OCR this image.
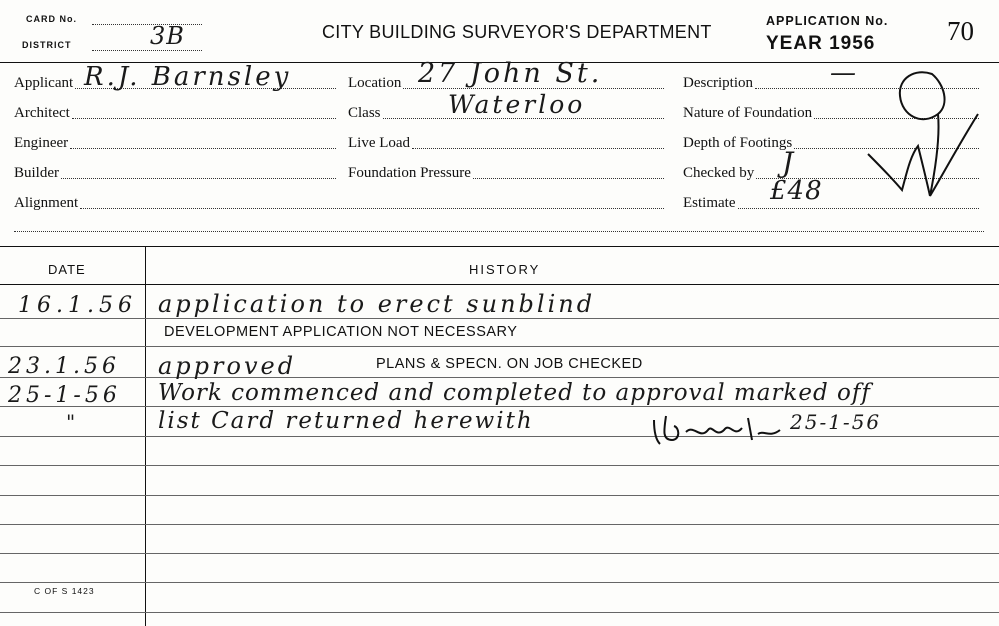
CARD No.
DISTRICT	3B	CITY BUILDING SURVEYOR'S DEPARTMENT
APPLICATION No.
YEAR 1956	70
Applicant R.J. Barnsley
Architect
Engineer
Builder
Alignment
Location 27 John St.
Class	Waterloo
Live Load
Foundation Pressure
Description	—
Nature of Foundation
Depth of Footings
Checked by J
Estimate £48
DATE	HISTORY
16.1.56 application to erect sunblind
DEVELOPMENT APPLICATION NOT NECESSARY
23.1.56 approved	PLANS & SPECN. ON JOB CHECKED
25-1-56 Work commenced and completed to approval marked off
"	list Card returned herewith	25-1-56
C OF S 1423
